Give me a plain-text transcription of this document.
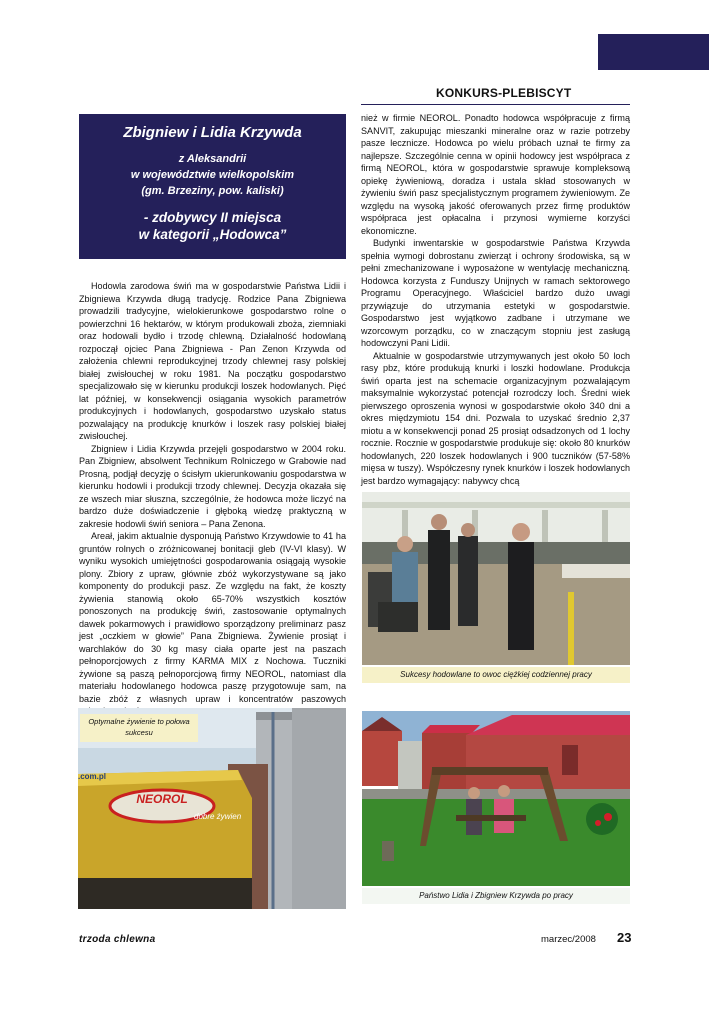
KONKURS-PLEBISCYT
Zbigniew i Lidia Krzywda
z Aleksandrii
w województwie wielkopolskim
(gm. Brzeziny, pow. kaliski)
- zdobywcy II miejsca
w kategorii „Hodowca”

Hodowla zarodowa świń ma w gospodarstwie Państwa Lidii i Zbigniewa Krzywda długą tradycję. Rodzice Pana Zbigniewa prowadzili tradycyjne, wielokierunkowe gospodarstwo rolne o powierzchni 16 hektarów, w którym produkowali zboża, ziemniaki oraz hodowali bydło i trzodę chlewną. Działalność hodowlaną rozpoczął ojciec Pana Zbigniewa - Pan Zenon Krzywda od założenia chlewni reprodukcyjnej trzody chlewnej rasy polskiej białej zwisłouchej w roku 1981. Na początku gospodarstwo specjalizowało się w kierunku produkcji loszek hodowlanych. Pięć lat później, w konsekwencji osiągania wysokich parametrów produkcyjnych i hodowlanych, gospodarstwo uzyskało status pozwalający na produkcję knurków i loszek rasy polskiej białej zwisłouchej.

Zbigniew i Lidia Krzywda przejęli gospodarstwo w 2004 roku. Pan Zbigniew, absolwent Technikum Rolniczego w Grabowie nad Prosną, podjął decyzję o ścisłym ukierunkowaniu gospodarstwa w kierunku hodowli i produkcji trzody chlewnej. Decyzja okazała się ze wszech miar słuszna, szczególnie, że hodowca może liczyć na bardzo duże doświadczenie i głęboką wiedzę praktyczną w zakresie hodowli świń seniora – Pana Zenona.

Areał, jakim aktualnie dysponują Państwo Krzywdowie to 41 ha gruntów rolnych o zróżnicowanej bonitacji gleb (IV-VI klasy). W wyniku wysokich umiejętności gospodarowania osiągają wysokie plony. Zbiory z upraw, głównie zbóż wykorzystywane są jako komponenty do produkcji pasz. Ze względu na fakt, że koszty żywienia stanowią około 65-70% wszystkich kosztów ponoszonych na produkcję świń, zastosowanie optymalnych dawek pokarmowych i prawidłowo sporządzony preliminarz pasz jest „oczkiem w głowie” Pana Zbigniewa. Żywienie prosiąt i warchlaków do 30 kg masy ciała oparte jest na paszach pełnoporcjowych z firmy KARMA MIX z Nochowa. Tuczniki żywione są paszą pełnoporcjową firmy NEOROL, natomiast dla materiału hodowlanego hodowca paszę przygotowuje sam, na bazie zbóż z własnych upraw i koncentratów paszowych

nież w firmie NEOROL. Ponadto hodowca współpracuje z firmą SANVIT, zakupując mieszanki mineralne oraz w razie potrzeby pasze lecznicze. Hodowca po wielu próbach uznał te firmy za najlepsze. Szczególnie cenna w opinii hodowcy jest współpraca z firmą NEOROL, która w gospodarstwie sprawuje kompleksową opiekę żywieniową, doradza i ustala skład stosowanych w żywieniu świń pasz specjalistycznym programem żywieniowym. Ze względu na wysoką jakość oferowanych przez firmę produktów współpraca jest opłacalna i przynosi wymierne korzyści ekonomiczne.

Budynki inwentarskie w gospodarstwie Państwa Krzywda spełnia wymogi dobrostanu zwierząt i ochrony środowiska, są w pełni zmechanizowane i wyposażone w wentylację mechaniczną. Hodowca korzysta z Funduszy Unijnych w ramach sektorowego Programu Operacyjnego. Właściciel bardzo dużo uwagi przywiązuje do utrzymania estetyki w gospodarstwie. Gospodarstwo jest wyjątkowo zadbane i utrzymane we wzorcowym porządku, co w znaczącym stopniu jest zasługą hodowczyni Pani Lidii.

Aktualnie w gospodarstwie utrzymywanych jest około 50 loch rasy pbz, które produkują knurki i loszki hodowlane. Produkcja świń oparta jest na schemacie organizacyjnym pozwalającym maksymalnie wykorzystać potencjał rozrodczy loch. Średni wiek pierwszego oproszenia wynosi w gospodarstwie około 340 dni a okres międzymiotu 154 dni. Pozwala to uzyskać średnio 2,37 miotu a w konsekwencji ponad 25 prosiąt odsadzonych od 1 lochy rocznie. Rocznie w gospodarstwie produkuje się: około 80 knurków hodowlanych, 220 loszek hodowlanych i 900 tuczników (57-58% mięsa w tuszy). Współczesny rynek knurków i loszek hodowlanych jest bardzo wymagający: nabywcy chcą

Sukcesy hodowlane to owoc ciężkiej codziennej pracy
.com.pl
NEOROL
dobre żywien
Optymalne żywienie to połowa sukcesu
Państwo Lidia i Zbigniew Krzywda po pracy
trzoda chlewna	marzec/2008 23
